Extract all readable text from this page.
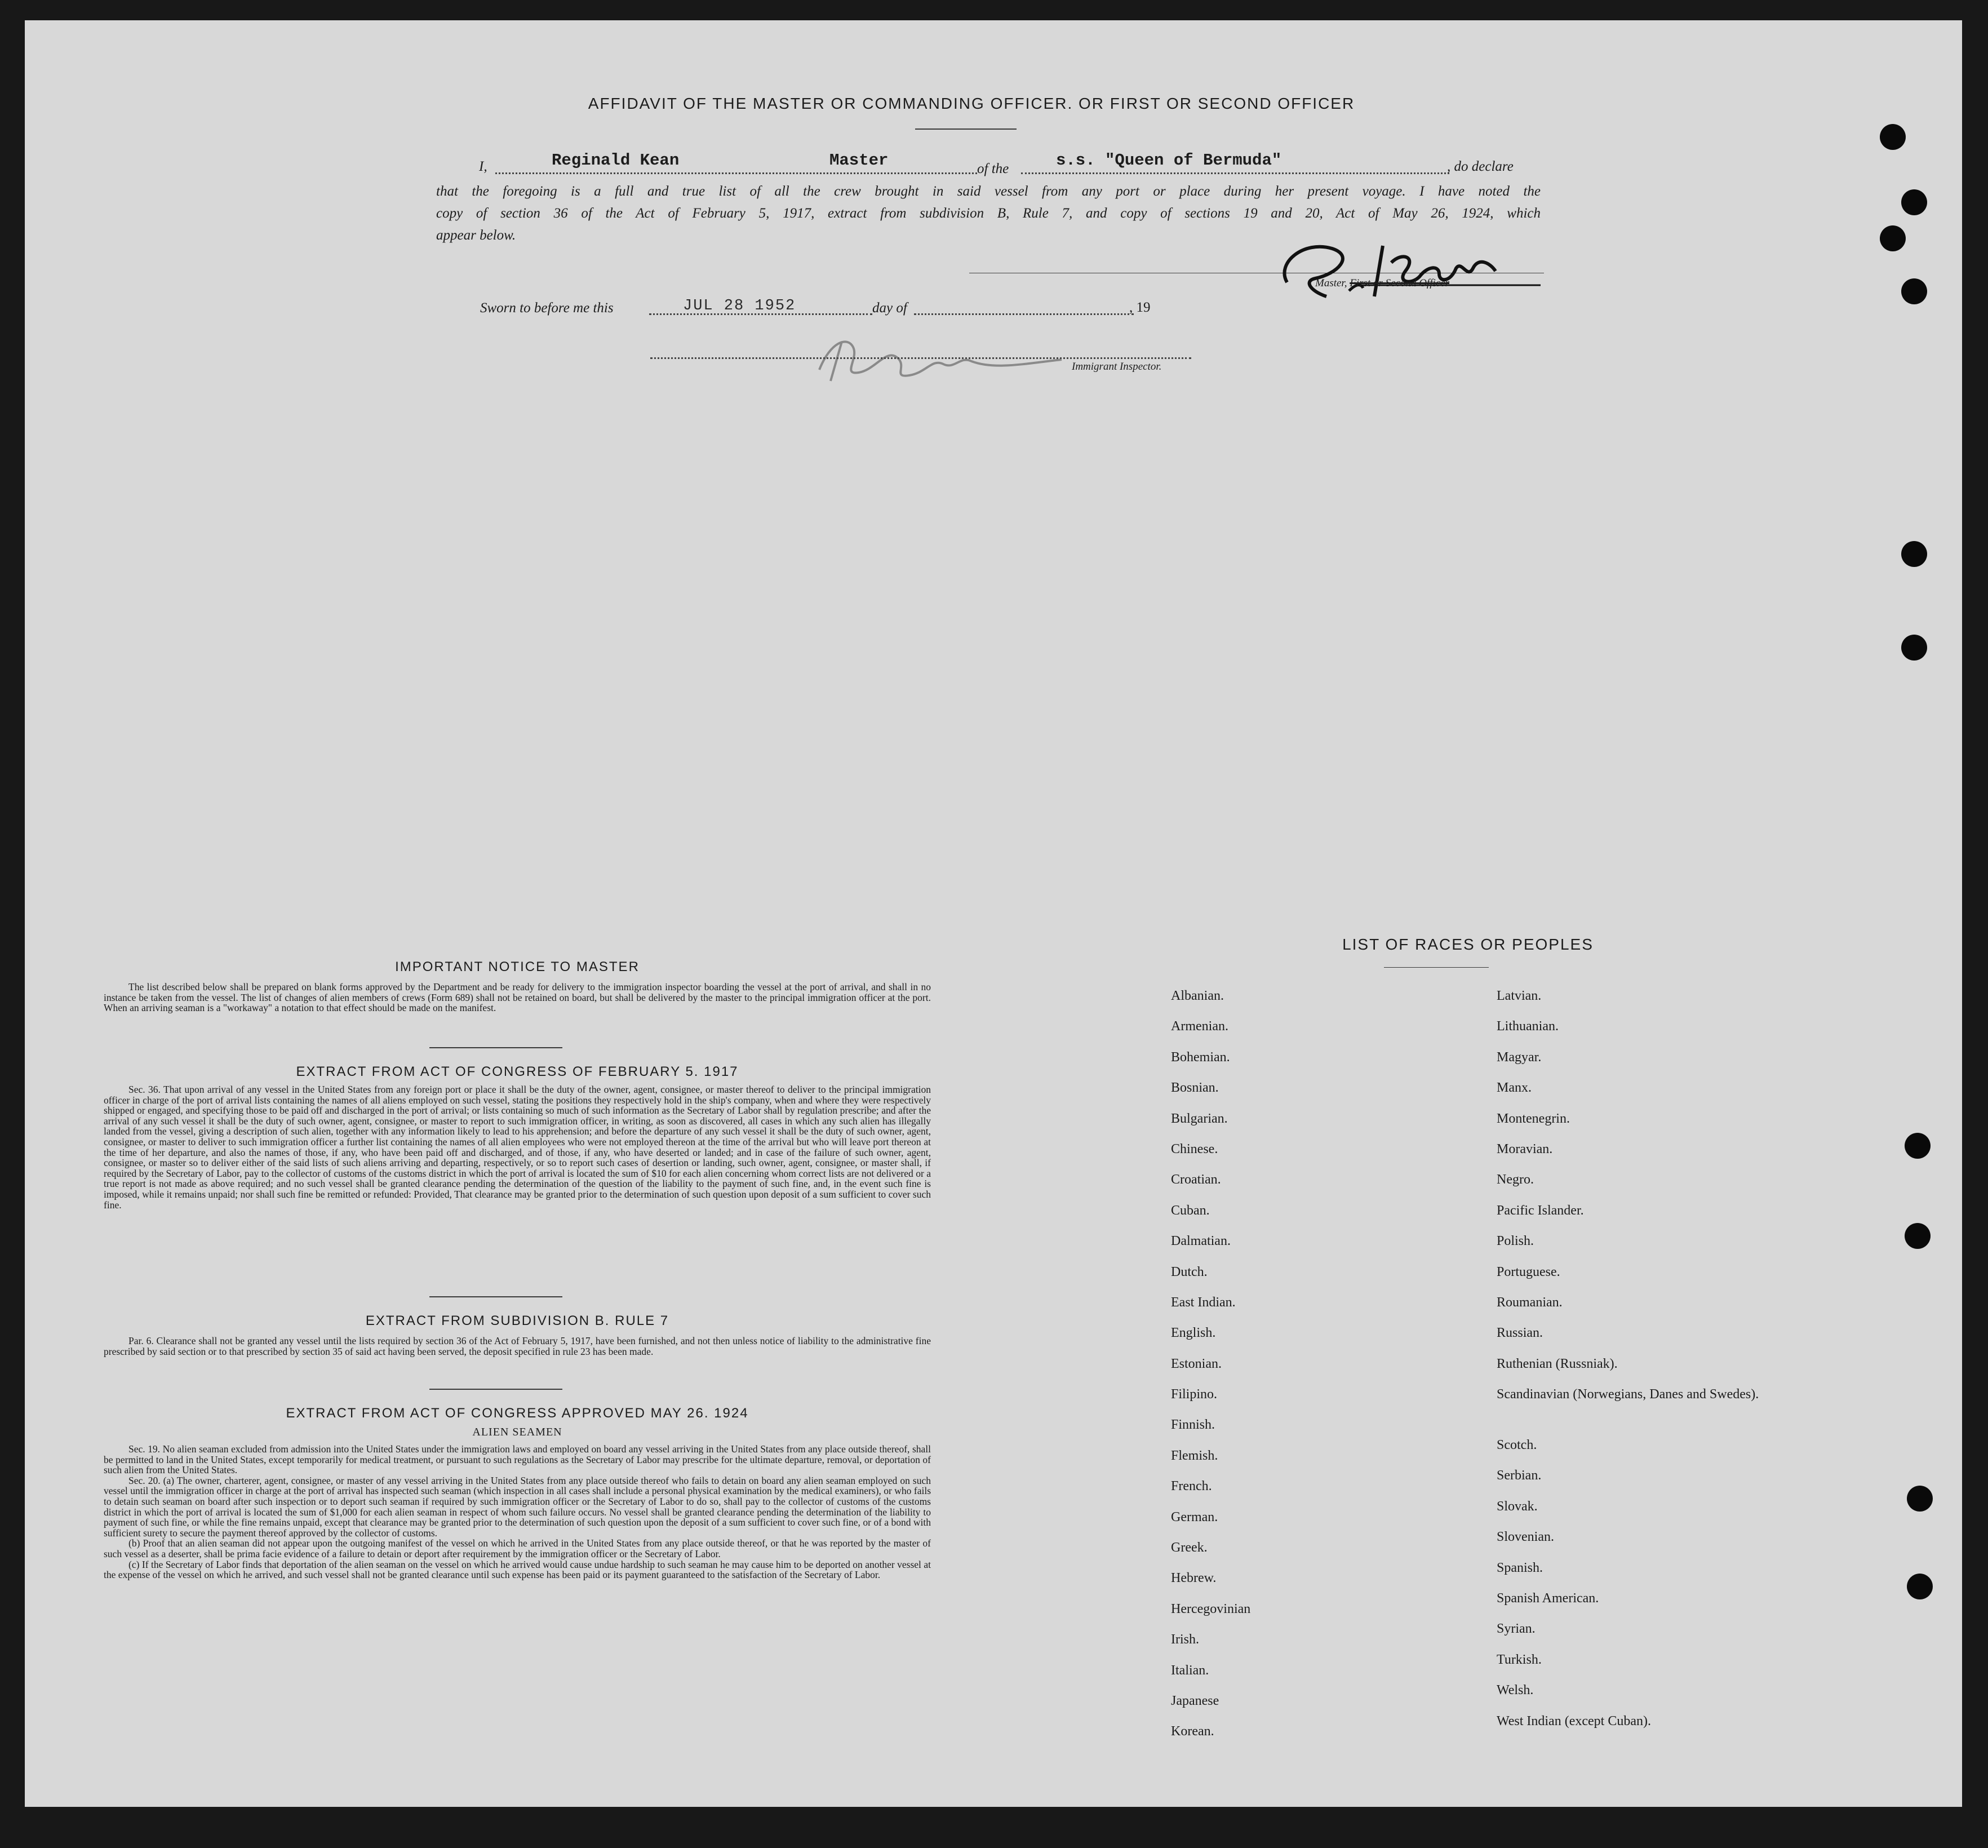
AFFIDAVIT OF THE MASTER OR COMMANDING OFFICER. OR FIRST OR SECOND OFFICER
I,	Reginald Kean	Master	of the	s.s. "Queen of Bermuda"	, do declare
that the foregoing is a full and true list of all the crew brought in said vessel from any port or place during her present voyage. I have noted the
copy of section 36 of the Act of February 5, 1917, extract from subdivision B, Rule 7, and copy of sections 19 and 20, Act of May 26, 1924, which
appear below.
Master, First or Second Officer
Sworn to before me this	JUL 28 1952	day of	, 19
Immigrant Inspector.
IMPORTANT NOTICE TO MASTER
The list described below shall be prepared on blank forms approved by the Department and be ready for delivery to the immigration inspector boarding the vessel at the port of arrival, and shall in no instance be taken from the vessel. The list of changes of alien members of crews (Form 689) shall not be retained on board, but shall be delivered by the master to the principal immigration officer at the port. When an arriving seaman is a "workaway" a notation to that effect should be made on the manifest.
EXTRACT FROM ACT OF CONGRESS OF FEBRUARY 5. 1917
Sec. 36. That upon arrival of any vessel in the United States from any foreign port or place it shall be the duty of the owner, agent, consignee, or master thereof to deliver to the principal immigration officer in charge of the port of arrival lists containing the names of all aliens employed on such vessel, stating the positions they respectively hold in the ship's company, when and where they were respectively shipped or engaged, and specifying those to be paid off and discharged in the port of arrival; or lists containing so much of such information as the Secretary of Labor shall by regulation prescribe; and after the arrival of any such vessel it shall be the duty of such owner, agent, consignee, or master to report to such immigration officer, in writing, as soon as discovered, all cases in which any such alien has illegally landed from the vessel, giving a description of such alien, together with any information likely to lead to his apprehension; and before the departure of any such vessel it shall be the duty of such owner, agent, consignee, or master to deliver to such immigration officer a further list containing the names of all alien employees who were not employed thereon at the time of the arrival but who will leave port thereon at the time of her departure, and also the names of those, if any, who have been paid off and discharged, and of those, if any, who have deserted or landed; and in case of the failure of such owner, agent, consignee, or master so to deliver either of the said lists of such aliens arriving and departing, respectively, or so to report such cases of desertion or landing, such owner, agent, consignee, or master shall, if required by the Secretary of Labor, pay to the collector of customs of the customs district in which the port of arrival is located the sum of $10 for each alien concerning whom correct lists are not delivered or a true report is not made as above required; and no such vessel shall be granted clearance pending the determination of the question of the liability to the payment of such fine, and, in the event such fine is imposed, while it remains unpaid; nor shall such fine be remitted or refunded: Provided, That clearance may be granted prior to the determination of such question upon deposit of a sum sufficient to cover such fine.
EXTRACT FROM SUBDIVISION B. RULE 7
Par. 6. Clearance shall not be granted any vessel until the lists required by section 36 of the Act of February 5, 1917, have been furnished, and not then unless notice of liability to the administrative fine prescribed by said section or to that prescribed by section 35 of said act having been served, the deposit specified in rule 23 has been made.
EXTRACT FROM ACT OF CONGRESS APPROVED MAY 26. 1924
ALIEN SEAMEN
Sec. 19. No alien seaman excluded from admission into the United States under the immigration laws and employed on board any vessel arriving in the United States from any place outside thereof, shall be permitted to land in the United States, except temporarily for medical treatment, or pursuant to such regulations as the Secretary of Labor may prescribe for the ultimate departure, removal, or deportation of such alien from the United States.
Sec. 20. (a) The owner, charterer, agent, consignee, or master of any vessel arriving in the United States from any place outside thereof who fails to detain on board any alien seaman employed on such vessel until the immigration officer in charge at the port of arrival has inspected such seaman (which inspection in all cases shall include a personal physical examination by the medical examiners), or who fails to detain such seaman on board after such inspection or to deport such seaman if required by such immigration officer or the Secretary of Labor to do so, shall pay to the collector of customs of the customs district in which the port of arrival is located the sum of $1,000 for each alien seaman in respect of whom such failure occurs. No vessel shall be granted clearance pending the determination of the liability to payment of such fine, or while the fine remains unpaid, except that clearance may be granted prior to the determination of such question upon the deposit of a sum sufficient to cover such fine, or of a bond with sufficient surety to secure the payment thereof approved by the collector of customs.
(b) Proof that an alien seaman did not appear upon the outgoing manifest of the vessel on which he arrived in the United States from any place outside thereof, or that he was reported by the master of such vessel as a deserter, shall be prima facie evidence of a failure to detain or deport after requirement by the immigration officer or the Secretary of Labor.
(c) If the Secretary of Labor finds that deportation of the alien seaman on the vessel on which he arrived would cause undue hardship to such seaman he may cause him to be deported on another vessel at the expense of the vessel on which he arrived, and such vessel shall not be granted clearance until such expense has been paid or its payment guaranteed to the satisfaction of the Secretary of Labor.
LIST OF RACES OR PEOPLES
Albanian.
Armenian.
Bohemian.
Bosnian.
Bulgarian.
Chinese.
Croatian.
Cuban.
Dalmatian.
Dutch.
East Indian.
English.
Estonian.
Filipino.
Finnish.
Flemish.
French.
German.
Greek.
Hebrew.
Hercegovinian
Irish.
Italian.
Japanese
Korean.
Latvian.
Lithuanian.
Magyar.
Manx.
Montenegrin.
Moravian.
Negro.
Pacific Islander.
Polish.
Portuguese.
Roumanian.
Russian.
Ruthenian (Russniak).
Scandinavian (Norwegians, Danes and Swedes).
Scotch.
Serbian.
Slovak.
Slovenian.
Spanish.
Spanish American.
Syrian.
Turkish.
Welsh.
West Indian (except Cuban).
